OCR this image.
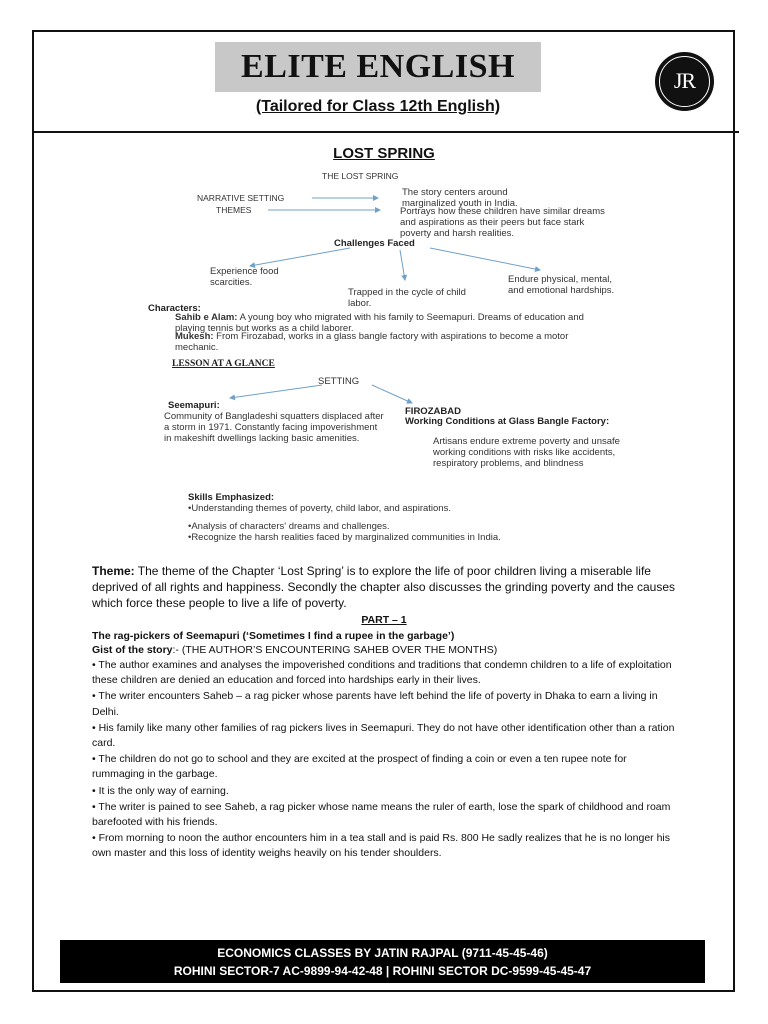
ELITE ENGLISH
(Tailored for Class 12th English)
JR
LOST SPRING
THE LOST SPRING
NARRATIVE SETTING	The story centers around marginalized youth in India.
THEMES	Portrays how these children have similar dreams and aspirations as their peers but face stark poverty and harsh realities.
Challenges Faced
Experience food scarcities.
Trapped in the cycle of child labor.
Endure physical, mental, and emotional hardships.
Characters:
Sahib e Alam: A young boy who migrated with his family to Seemapuri. Dreams of education and playing tennis but works as a child laborer.
Mukesh: From Firozabad, works in a glass bangle factory with aspirations to become a motor mechanic.
LESSON AT A GLANCE
SETTING
Seemapuri:
Community of Bangladeshi squatters displaced after a storm in 1971. Constantly facing impoverishment in makeshift dwellings lacking basic amenities.
FIROZABAD
Working Conditions at Glass Bangle Factory:
Artisans endure extreme poverty and unsafe working conditions with risks like accidents, respiratory problems, and blindness
Skills Emphasized:
•Understanding themes of poverty, child labor, and aspirations.
•Analysis of characters' dreams and challenges.
•Recognize the harsh realities faced by marginalized communities in India.
Theme: The theme of the Chapter ‘Lost Spring’ is to explore the life of poor children living a miserable life deprived of all rights and happiness. Secondly the chapter also discusses the grinding poverty and the causes which force these people to live a life of poverty.
PART – 1
The rag-pickers of Seemapuri (‘Sometimes I find a rupee in the garbage’)
Gist of the story:- (THE AUTHOR’S ENCOUNTERING SAHEB OVER THE MONTHS)
• The author examines and analyses the impoverished conditions and traditions that condemn children to a life of exploitation these children are denied an education and forced into hardships early in their lives.
• The writer encounters Saheb – a rag picker whose parents have left behind the life of poverty in Dhaka to earn a living in Delhi.
• His family like many other families of rag pickers lives in Seemapuri. They do not have other identification other than a ration card.
• The children do not go to school and they are excited at the prospect of finding a coin or even a ten rupee note for rummaging in the garbage.
• It is the only way of earning.
• The writer is pained to see Saheb, a rag picker whose name means the ruler of earth, lose the spark of childhood and roam barefooted with his friends.
• From morning to noon the author encounters him in a tea stall and is paid Rs. 800 He sadly realizes that he is no longer his own master and this loss of identity weighs heavily on his tender shoulders.
ECONOMICS CLASSES BY JATIN RAJPAL (9711-45-45-46)
ROHINI SECTOR-7 AC-9899-94-42-48 | ROHINI SECTOR DC-9599-45-45-47
